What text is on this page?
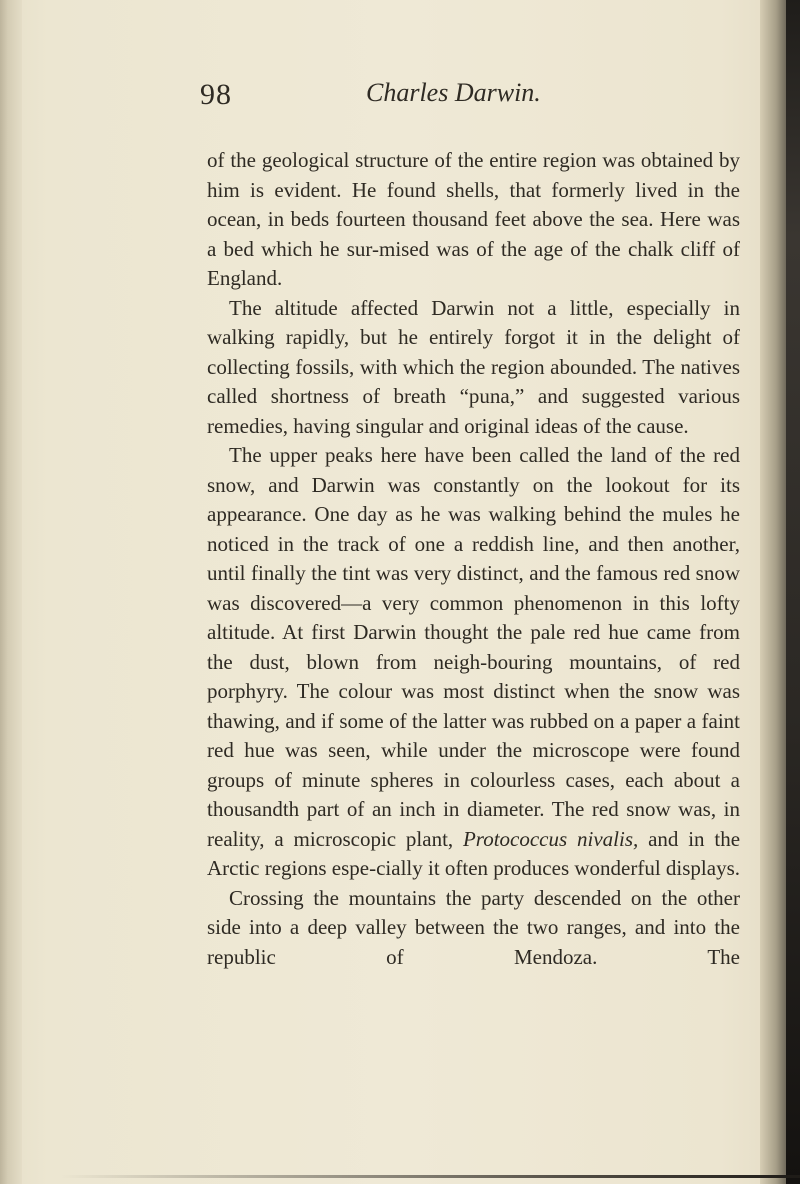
98	Charles Darwin.

of the geological structure of the entire region was obtained by him is evident. He found shells, that formerly lived in the ocean, in beds fourteen thousand feet above the sea. Here was a bed which he sur-mised was of the age of the chalk cliff of England.

The altitude affected Darwin not a little, especially in walking rapidly, but he entirely forgot it in the delight of collecting fossils, with which the region abounded. The natives called shortness of breath “puna,” and suggested various remedies, having singular and original ideas of the cause.

The upper peaks here have been called the land of the red snow, and Darwin was constantly on the lookout for its appearance. One day as he was walking behind the mules he noticed in the track of one a reddish line, and then another, until finally the tint was very distinct, and the famous red snow was discovered—a very common phenomenon in this lofty altitude. At first Darwin thought the pale red hue came from the dust, blown from neigh-bouring mountains, of red porphyry. The colour was most distinct when the snow was thawing, and if some of the latter was rubbed on a paper a faint red hue was seen, while under the microscope were found groups of minute spheres in colourless cases, each about a thousandth part of an inch in diameter. The red snow was, in reality, a microscopic plant, Protococcus nivalis, and in the Arctic regions espe-cially it often produces wonderful displays.

Crossing the mountains the party descended on the other side into a deep valley between the two ranges, and into the republic of Mendoza. The
